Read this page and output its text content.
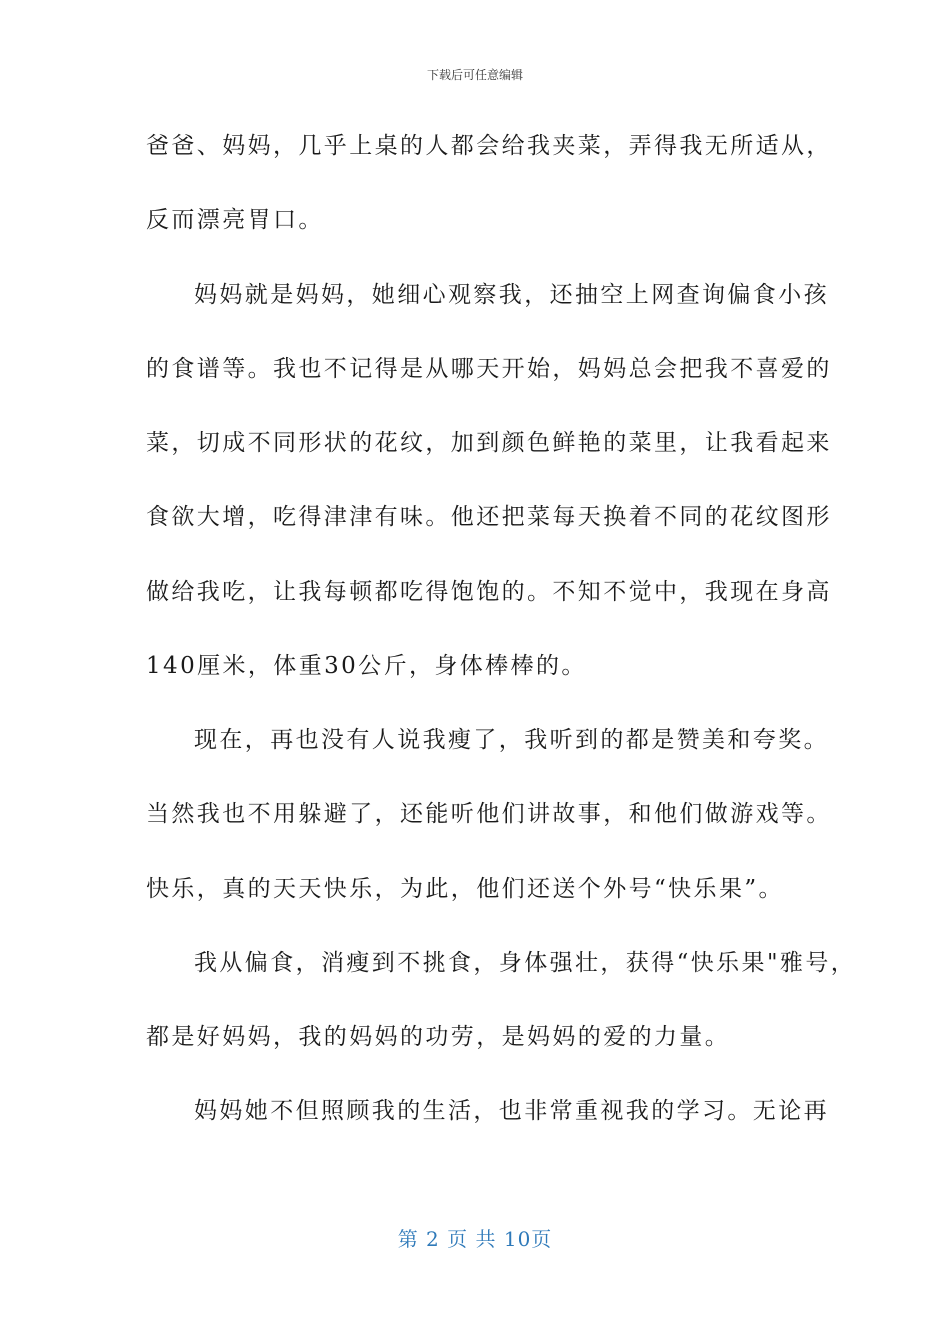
下载后可任意编辑
爸爸、妈妈，几乎上桌的人都会给我夹菜，弄得我无所适从，
反而漂亮胃口。
妈妈就是妈妈，她细心观察我，还抽空上网查询偏食小孩
的食谱等。我也不记得是从哪天开始，妈妈总会把我不喜爱的
菜，切成不同形状的花纹，加到颜色鲜艳的菜里，让我看起来
食欲大增，吃得津津有味。他还把菜每天换着不同的花纹图形
做给我吃，让我每顿都吃得饱饱的。不知不觉中，我现在身高
140厘米，体重30公斤，身体棒棒的。
现在，再也没有人说我瘦了，我听到的都是赞美和夸奖。
当然我也不用躲避了，还能听他们讲故事，和他们做游戏等。
快乐，真的天天快乐，为此，他们还送个外号“快乐果”。
我从偏食，消瘦到不挑食，身体强壮，获得“快乐果"雅号，
都是好妈妈，我的妈妈的功劳，是妈妈的爱的力量。
妈妈她不但照顾我的生活，也非常重视我的学习。无论再
第 2 页 共 10页
